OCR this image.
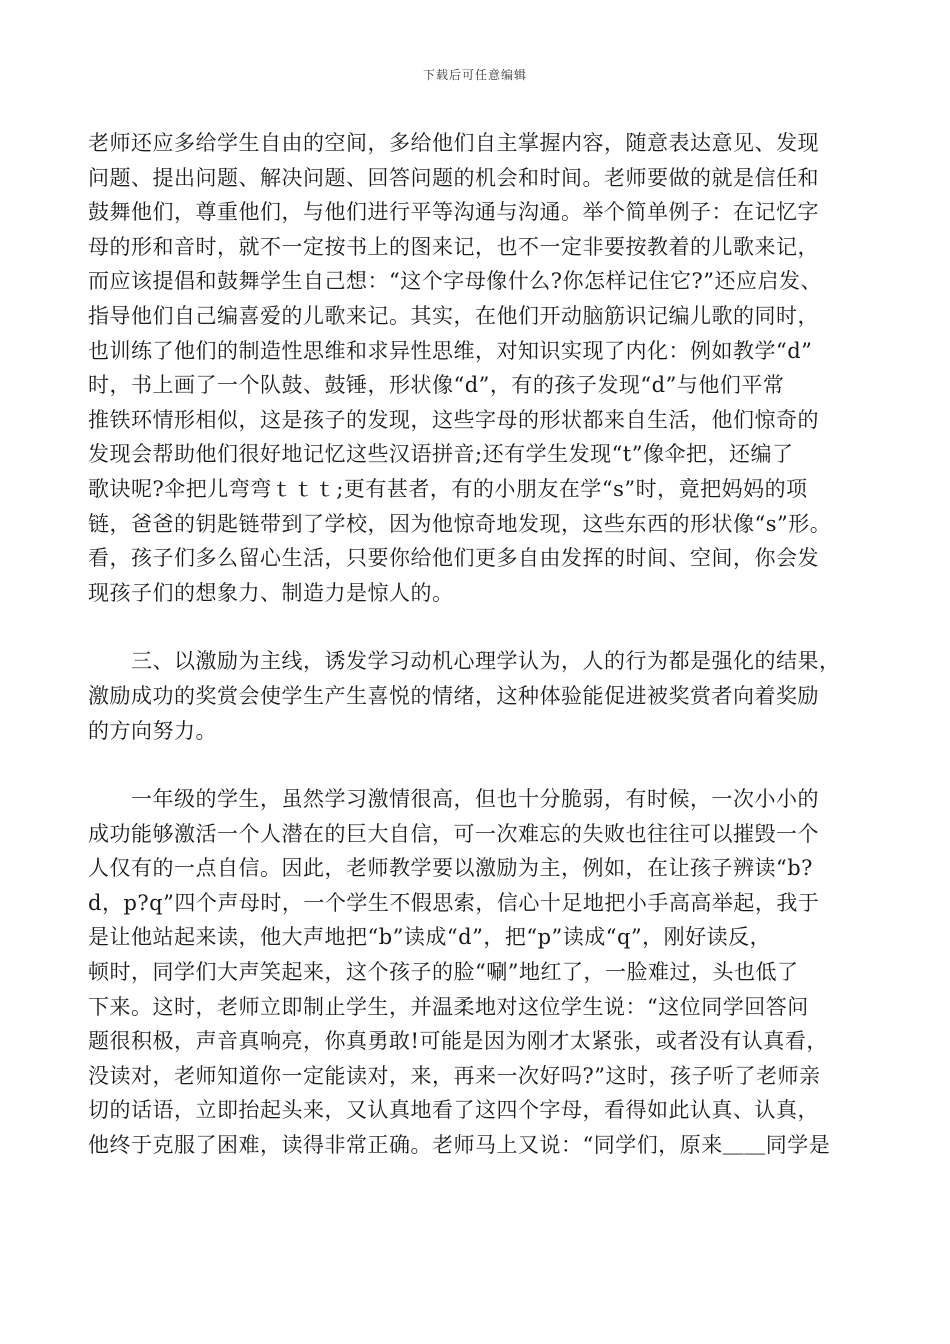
下载后可任意编辑
老师还应多给学生自由的空间，多给他们自主掌握内容，随意表达意见、发现
问题、提出问题、解决问题、回答问题的机会和时间。老师要做的就是信任和
鼓舞他们，尊重他们，与他们进行平等沟通与沟通。举个简单例子：在记忆字
母的形和音时，就不一定按书上的图来记，也不一定非要按教着的儿歌来记，
而应该提倡和鼓舞学生自己想：“这个字母像什么?你怎样记住它?”还应启发、
指导他们自己编喜爱的儿歌来记。其实，在他们开动脑筋识记编儿歌的同时，
也训练了他们的制造性思维和求异性思维，对知识实现了内化：例如教学“d”
时，书上画了一个队鼓、鼓锤，形状像“d”，有的孩子发现“d”与他们平常
推铁环情形相似，这是孩子的发现，这些字母的形状都来自生活，他们惊奇的
发现会帮助他们很好地记忆这些汉语拼音;还有学生发现“t”像伞把，还编了
歌诀呢?伞把儿弯弯ｔｔｔ;更有甚者，有的小朋友在学“s”时，竟把妈妈的项
链，爸爸的钥匙链带到了学校，因为他惊奇地发现，这些东西的形状像“s”形。
看，孩子们多么留心生活，只要你给他们更多自由发挥的时间、空间，你会发
现孩子们的想象力、制造力是惊人的。
　　三、以激励为主线，诱发学习动机心理学认为，人的行为都是强化的结果，
激励成功的奖赏会使学生产生喜悦的情绪，这种体验能促进被奖赏者向着奖励
的方向努力。
　　一年级的学生，虽然学习激情很高，但也十分脆弱，有时候，一次小小的
成功能够激活一个人潜在的巨大自信，可一次难忘的失败也往往可以摧毁一个
人仅有的一点自信。因此，老师教学要以激励为主，例如，在让孩子辨读“b?
d，p?q”四个声母时，一个学生不假思索，信心十足地把小手高高举起，我于
是让他站起来读，他大声地把“b”读成“d”，把“p”读成“q”，刚好读反，
顿时，同学们大声笑起来，这个孩子的脸“唰”地红了，一脸难过，头也低了
下来。这时，老师立即制止学生，并温柔地对这位学生说：“这位同学回答问
题很积极，声音真响亮，你真勇敢!可能是因为刚才太紧张，或者没有认真看，
没读对，老师知道你一定能读对，来，再来一次好吗?”这时，孩子听了老师亲
切的话语，立即抬起头来，又认真地看了这四个字母，看得如此认真、认真，
他终于克服了困难，读得非常正确。老师马上又说：“同学们，原来＿＿同学是
